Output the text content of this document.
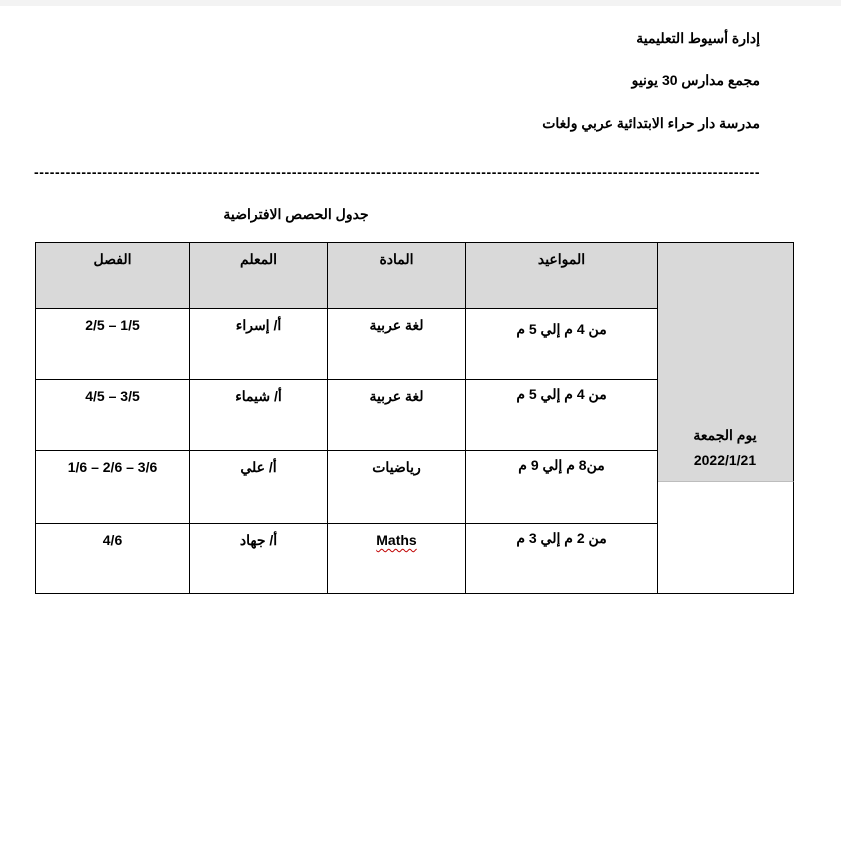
إدارة أسيوط التعليمية
مجمع مدارس 30 يونيو
مدرسة دار حراء الابتدائية عربي ولغات
------------------------------------------------------------------------------------------------------------------------------------------
جدول الحصص الافتراضية
يوم الجمعة
2022/1/21
المواعيد
المادة
المعلم
الفصل
من 4 م إلي 5 م
لغة عربية
أ/ إسراء
1/5 – 2/5
من 4 م إلي 5 م
لغة عربية
أ/ شيماء
3/5 – 4/5
من8 م إلي 9 م
رياضيات
أ/ علي
1/6 – 2/6 – 3/6
من 2 م إلي 3 م
Maths
أ/ جهاد
4/6
